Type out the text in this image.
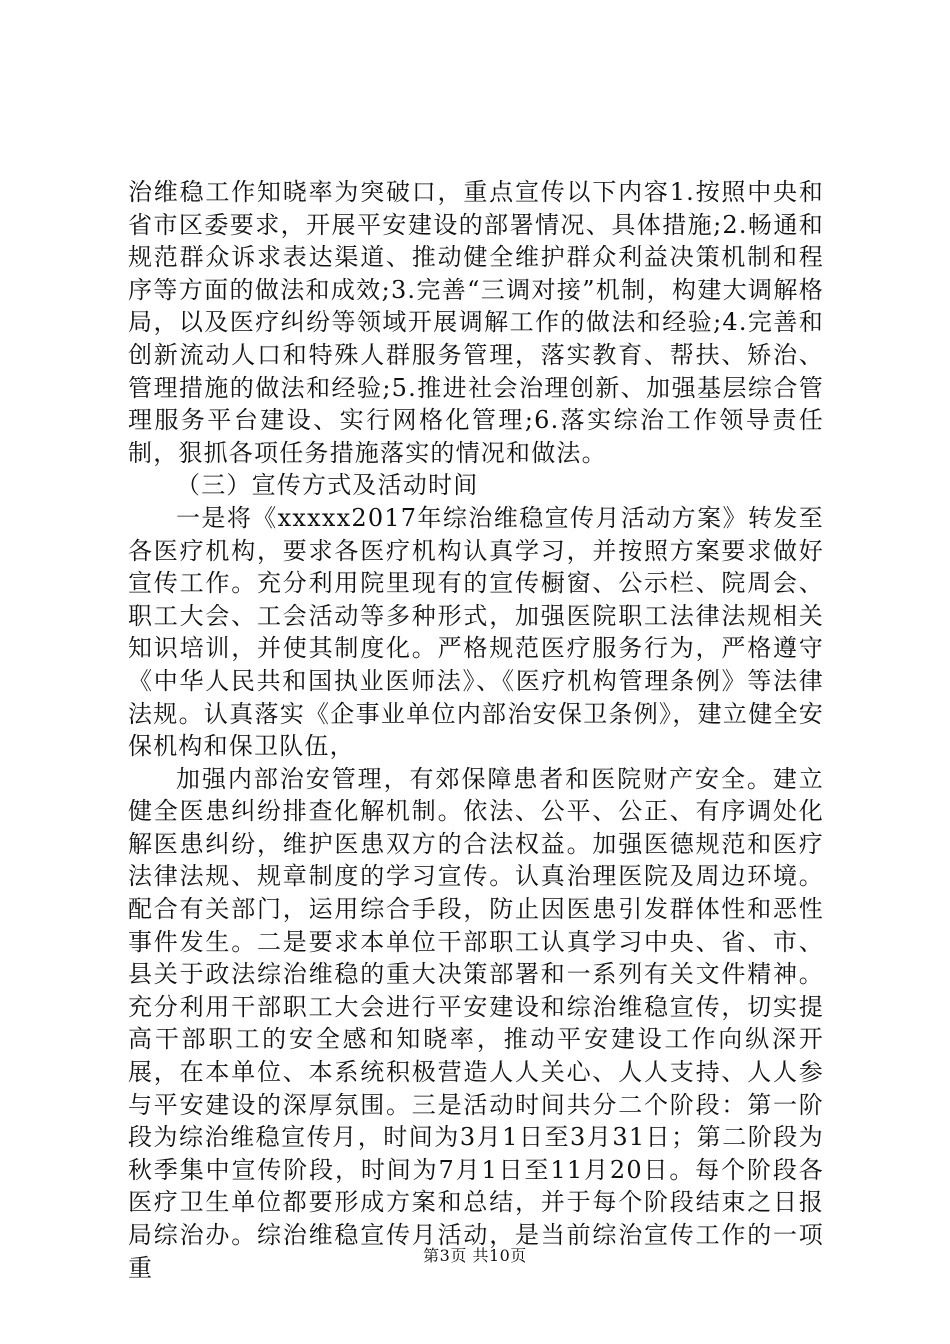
治维稳工作知晓率为突破口，重点宣传以下内容1.按照中央和省市区委要求，开展平安建设的部署情况、具体措施;2.畅通和规范群众诉求表达渠道、推动健全维护群众利益决策机制和程序等方面的做法和成效;3.完善“三调对接”机制，构建大调解格局，以及医疗纠纷等领域开展调解工作的做法和经验;4.完善和创新流动人口和特殊人群服务管理，落实教育、帮扶、矫治、管理措施的做法和经验;5.推进社会治理创新、加强基层综合管理服务平台建设、实行网格化管理;6.落实综治工作领导责任制，狠抓各项任务措施落实的情况和做法。

（三）宣传方式及活动时间

一是将《xxxxx2017年综治维稳宣传月活动方案》转发至各医疗机构，要求各医疗机构认真学习，并按照方案要求做好宣传工作。充分利用院里现有的宣传橱窗、公示栏、院周会、职工大会、工会活动等多种形式，加强医院职工法律法规相关知识培训，并使其制度化。严格规范医疗服务行为，严格遵守《中华人民共和国执业医师法》、《医疗机构管理条例》等法律法规。认真落实《企事业单位内部治安保卫条例》，建立健全安保机构和保卫队伍，

加强内部治安管理，有郊保障患者和医院财产安全。建立健全医患纠纷排查化解机制。依法、公平、公正、有序调处化解医患纠纷，维护医患双方的合法权益。加强医德规范和医疗法律法规、规章制度的学习宣传。认真治理医院及周边环境。配合有关部门，运用综合手段，防止因医患引发群体性和恶性事件发生。二是要求本单位干部职工认真学习中央、省、市、县关于政法综治维稳的重大决策部署和一系列有关文件精神。充分利用干部职工大会进行平安建设和综治维稳宣传，切实提高干部职工的安全感和知晓率，推动平安建设工作向纵深开展，在本单位、本系统积极营造人人关心、人人支持、人人参与平安建设的深厚氛围。三是活动时间共分二个阶段：第一阶段为综治维稳宣传月，时间为3月1日至3月31日；第二阶段为秋季集中宣传阶段，时间为7月1日至11月20日。每个阶段各医疗卫生单位都要形成方案和总结，并于每个阶段结束之日报局综治办。综治维稳宣传月活动，是当前综治宣传工作的一项重	第3页 共10页
